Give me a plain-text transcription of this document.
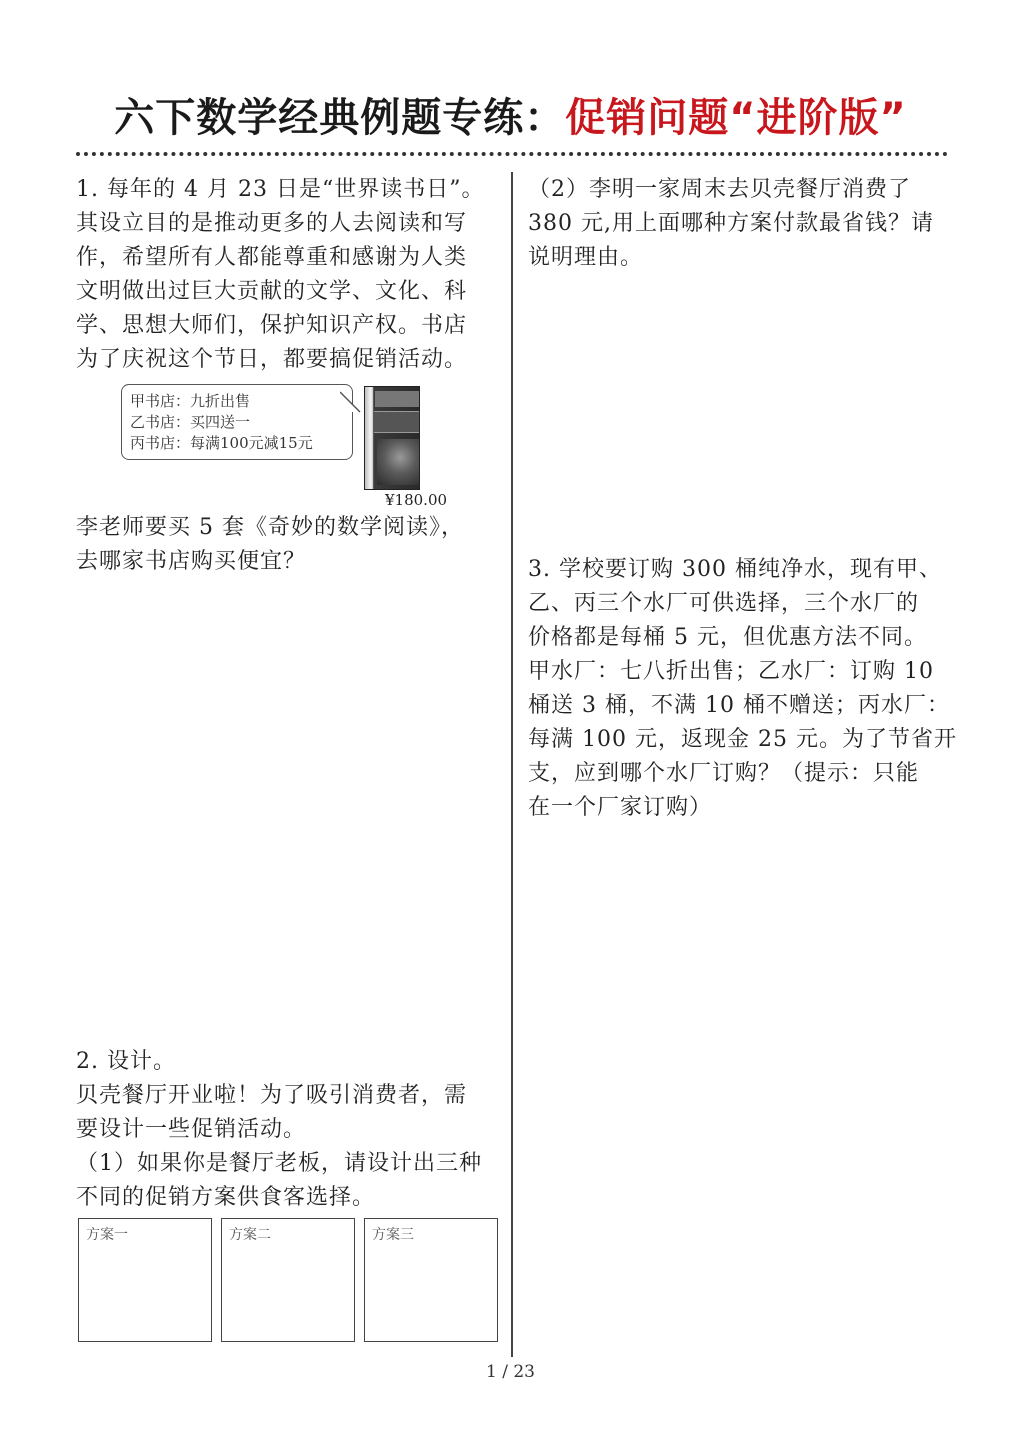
六下数学经典例题专练：促销问题“进阶版”
1. 每年的 4 月 23 日是“世界读书日”。
其设立目的是推动更多的人去阅读和写
作，希望所有人都能尊重和感谢为人类
文明做出过巨大贡献的文学、文化、科
学、思想大师们，保护知识产权。书店
为了庆祝这个节日，都要搞促销活动。
甲书店：九折出售
乙书店：买四送一
丙书店：每满100元减15元
¥180.00
李老师要买 5 套《奇妙的数学阅读》，
去哪家书店购买便宜？
2. 设计。
贝壳餐厅开业啦！为了吸引消费者，需
要设计一些促销活动。
（1）如果你是餐厅老板，请设计出三种
不同的促销方案供食客选择。
方案一	方案二	方案三
（2）李明一家周末去贝壳餐厅消费了
380 元,用上面哪种方案付款最省钱？请
说明理由。
3. 学校要订购 300 桶纯净水，现有甲、
乙、丙三个水厂可供选择，三个水厂的
价格都是每桶 5 元，但优惠方法不同。
甲水厂：七八折出售；乙水厂：订购 10
桶送 3 桶，不满 10 桶不赠送；丙水厂：
每满 100 元，返现金 25 元。为了节省开
支，应到哪个水厂订购？（提示：只能
在一个厂家订购）
1 / 23
